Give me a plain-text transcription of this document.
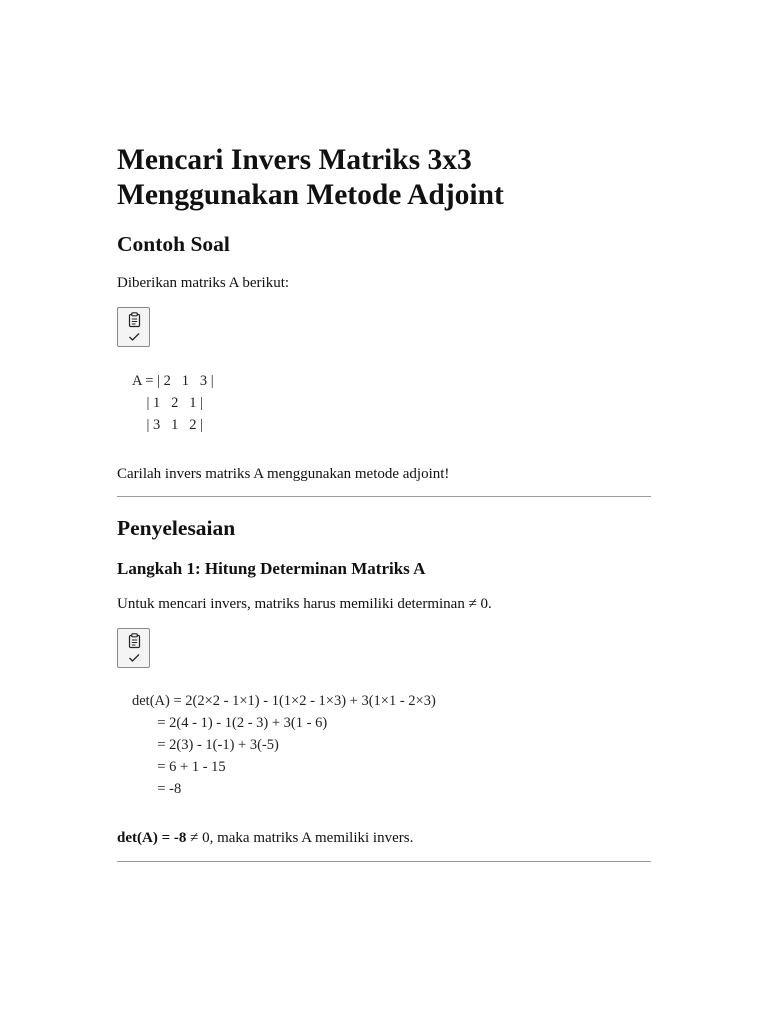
Mencari Invers Matriks 3x3 Menggunakan Metode Adjoint
Contoh Soal

Diberikan matriks A berikut:

A = | 2   1   3 |
| 1   2   1 |
| 3   1   2 |

Carilah invers matriks A menggunakan metode adjoint!

Penyelesaian
Langkah 1: Hitung Determinan Matriks A

Untuk mencari invers, matriks harus memiliki determinan ≠ 0.

det(A) = 2(2×2 - 1×1) - 1(1×2 - 1×3) + 3(1×1 - 2×3)
= 2(4 - 1) - 1(2 - 3) + 3(1 - 6)
= 2(3) - 1(-1) + 3(-5)
= 6 + 1 - 15
= -8

det(A) = -8 ≠ 0, maka matriks A memiliki invers.
